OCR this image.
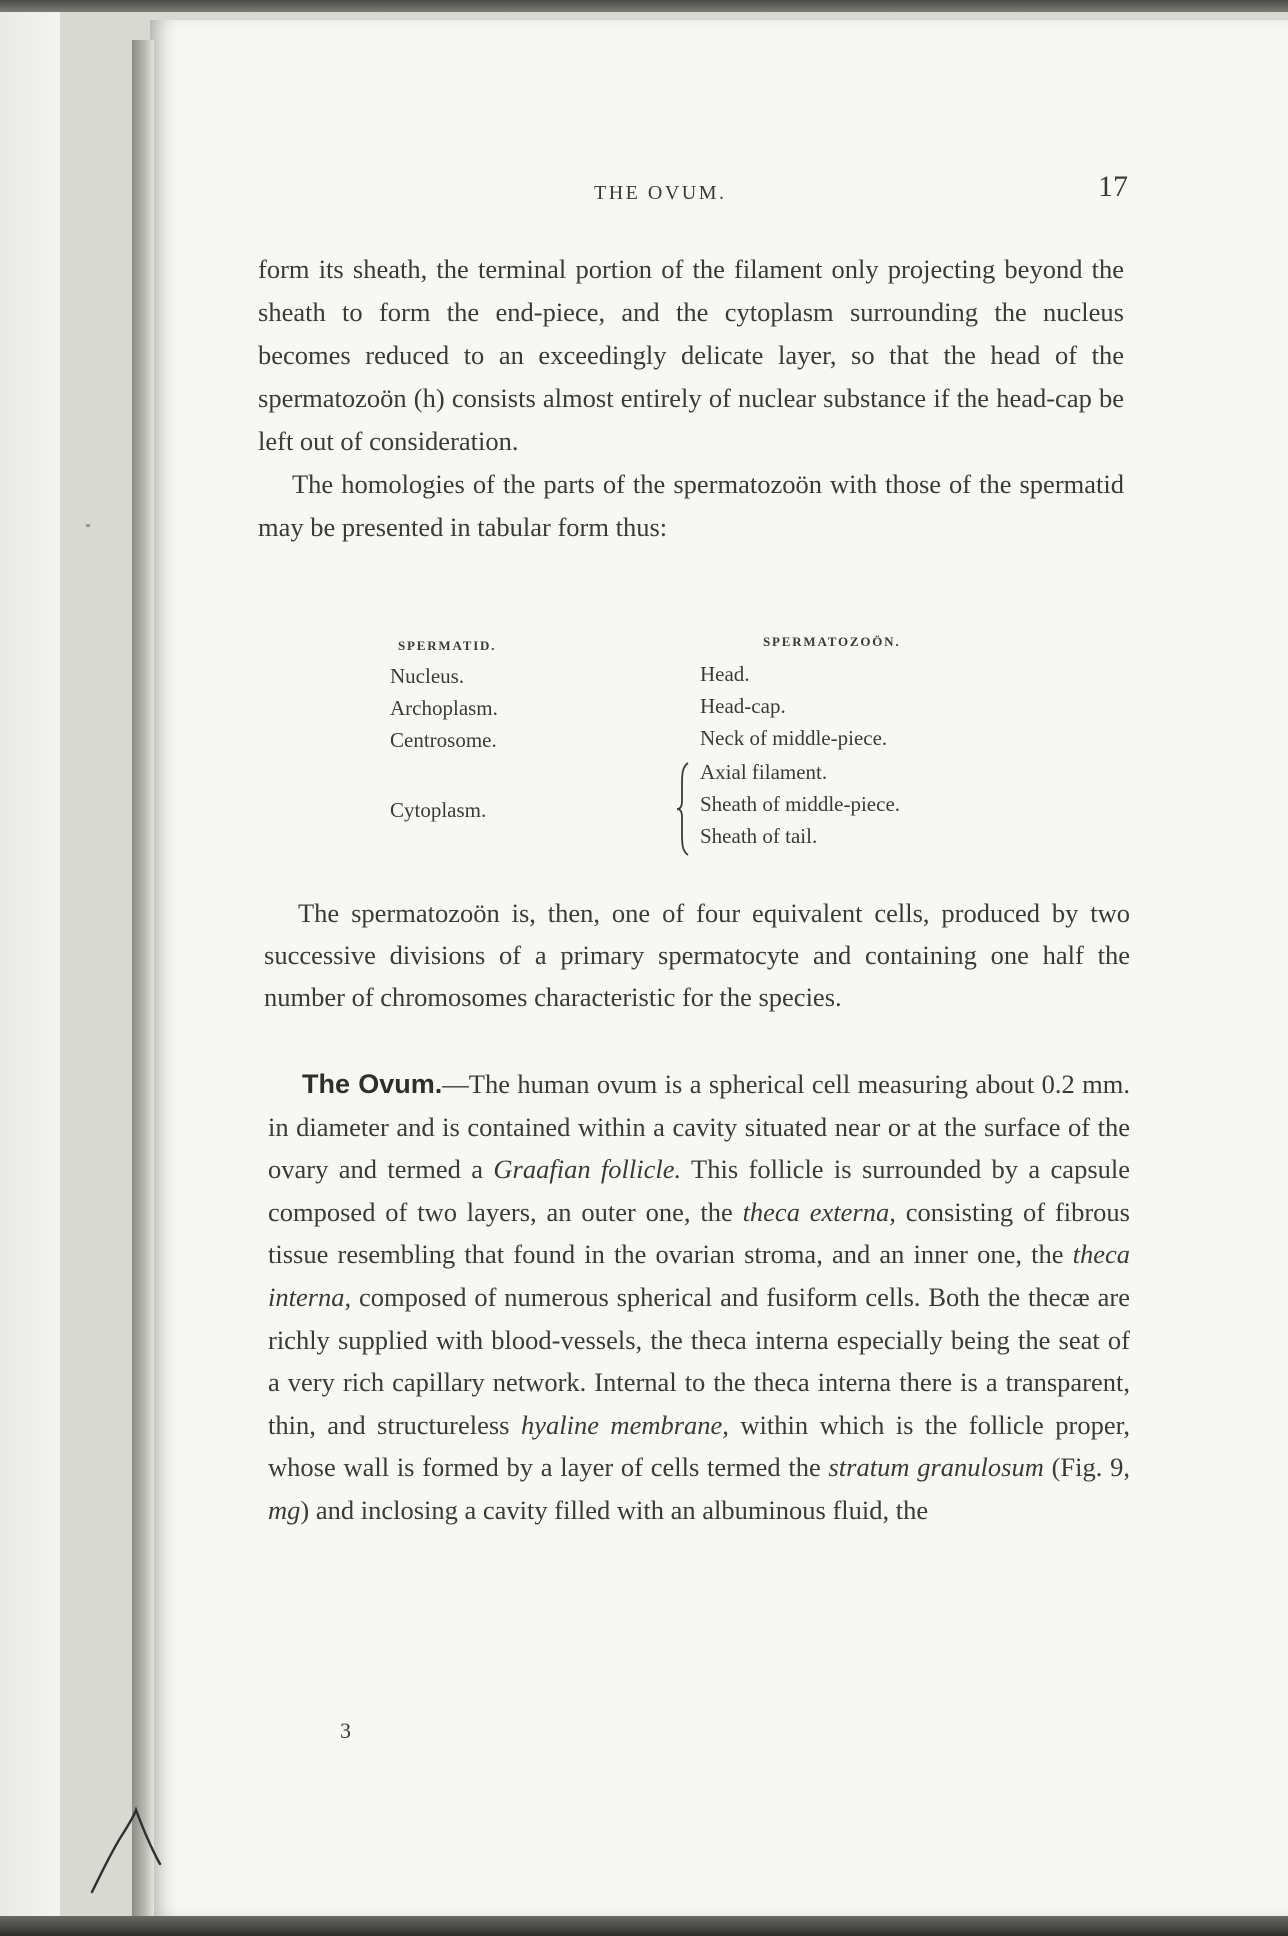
THE OVUM.	17

form its sheath, the terminal portion of the filament only projecting beyond the sheath to form the end-piece, and the cytoplasm surrounding the nucleus becomes reduced to an exceedingly delicate layer, so that the head of the spermatozoön (h) consists almost entirely of nuclear substance if the head-cap be left out of consideration.

The homologies of the parts of the spermatozoön with those of the spermatid may be presented in tabular form thus:

SPERMATID.	SPERMATOZOÖN.
Nucleus.
Archoplasm.
Centrosome.
Cytoplasm.
Head.
Head-cap.
Neck of middle-piece.
Axial filament.
Sheath of middle-piece.
Sheath of tail.

The spermatozoön is, then, one of four equivalent cells, produced by two successive divisions of a primary spermatocyte and containing one half the number of chromosomes characteristic for the species.

The Ovum.—The human ovum is a spherical cell measuring about 0.2 mm. in diameter and is contained within a cavity situated near or at the surface of the ovary and termed a Graafian follicle. This follicle is surrounded by a capsule composed of two layers, an outer one, the theca externa, consisting of fibrous tissue resembling that found in the ovarian stroma, and an inner one, the theca interna, composed of numerous spherical and fusiform cells. Both the thecæ are richly supplied with blood-vessels, the theca interna especially being the seat of a very rich capillary network. Internal to the theca interna there is a transparent, thin, and structureless hyaline membrane, within which is the follicle proper, whose wall is formed by a layer of cells termed the stratum granulosum (Fig. 9, mg) and inclosing a cavity filled with an albuminous fluid, the

3
